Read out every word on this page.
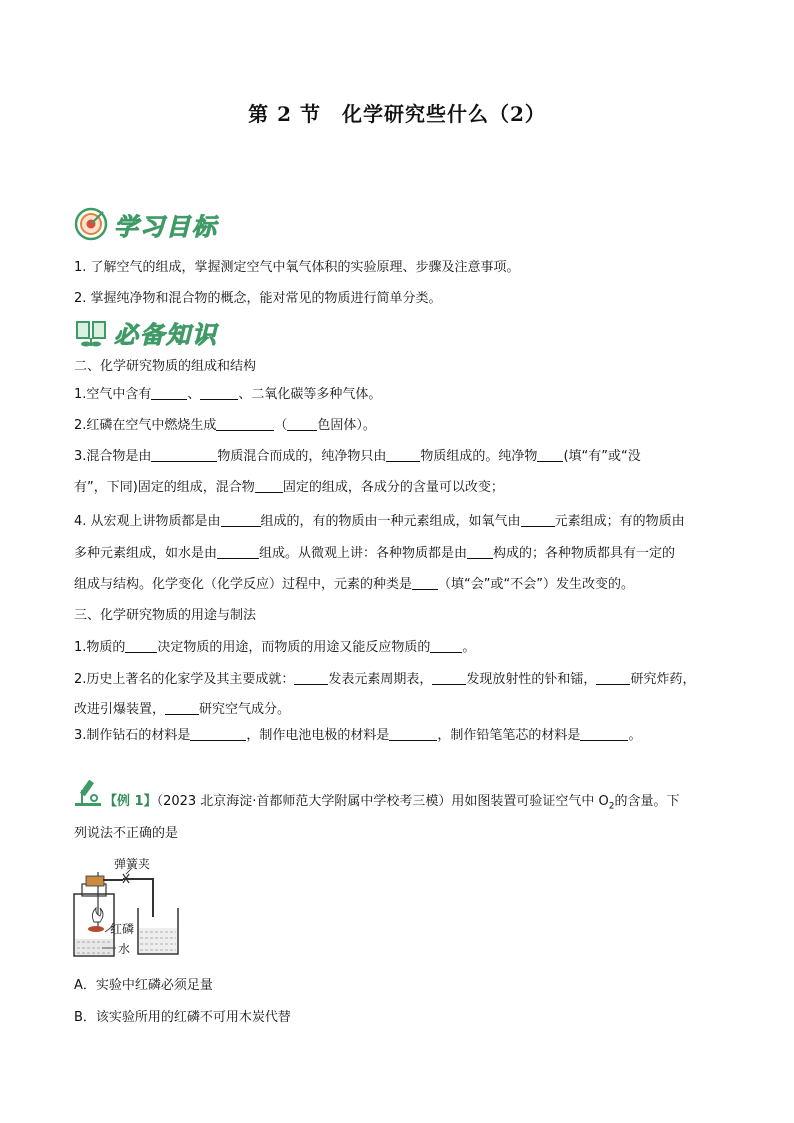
第 2 节　化学研究些什么（2）
学习目标
1. 了解空气的组成，掌握测定空气中氧气体积的实验原理、步骤及注意事项。
2. 掌握纯净物和混合物的概念，能对常见的物质进行简单分类。
必备知识
二、化学研究物质的组成和结构
1.空气中含有	、	、二氧化碳等多种气体。
2.红磷在空气中燃烧生成	（ 色固体）。
3.混合物是由	物质混合而成的，纯净物只由	物质组成的。纯净物 (填“有”或“没
有”，下同)固定的组成，混合物 固定的组成，各成分的含量可以改变；
4. 从宏观上讲物质都是由	组成的，有的物质由一种元素组成，如氧气由	元素组成；有的物质由
多种元素组成，如水是由	组成。从微观上讲：各种物质都是由 构成的；各种物质都具有一定的
组成与结构。化学变化（化学反应）过程中，元素的种类是 （填“会”或“不会”）发生改变的。
三、化学研究物质的用途与制法
1.物质的 决定物质的用途，而物质的用途又能反应物质的 。
2.历史上著名的化家学及其主要成就：	发表元素周期表，	发现放射性的钋和镭，	研究炸药，
改进引爆装置，	研究空气成分。
3.制作钻石的材料是	，制作电池电极的材料是	，制作铅笔笔芯的材料是	。
【例 1】（2023 北京海淀·首都师范大学附属中学校考三模）用如图装置可验证空气中 $O_2$的含量。下
列说法不正确的是
弹簧夹
红磷
水
A．实验中红磷必须足量
B．该实验所用的红磷不可用木炭代替
